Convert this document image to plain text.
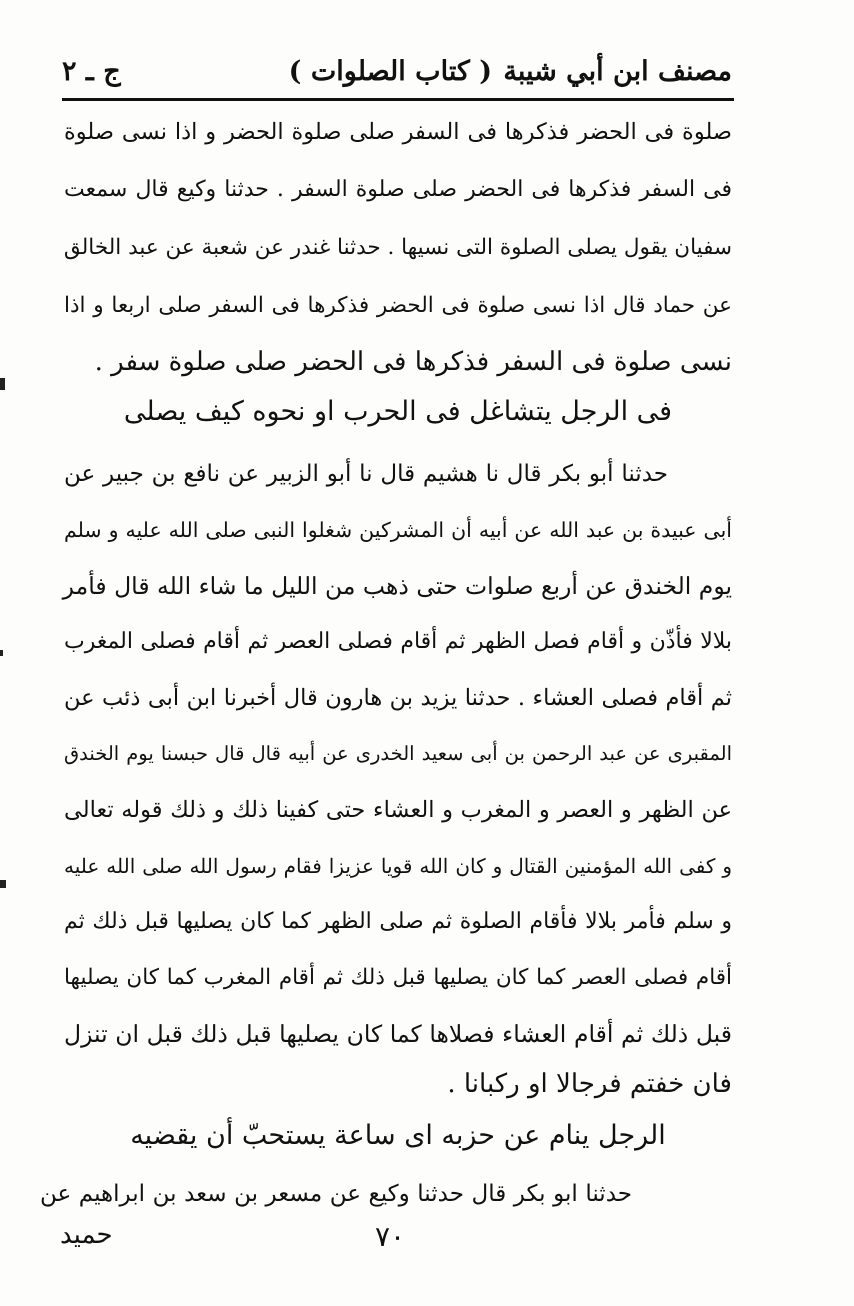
مصنف ابن أبي شيبة
( كتاب الصلوات )
ج ـ ٢
صلوة فى الحضر فذكرها فى السفر صلى صلوة الحضر و اذا نسى صلوة
فى السفر فذكرها فى الحضر صلى صلوة السفر . حدثنا وكيع قال سمعت
سفيان يقول يصلى الصلوة التى نسيها . حدثنا غندر عن شعبة عن عبد الخالق
عن حماد قال اذا نسى صلوة فى الحضر فذكرها فى السفر صلى اربعا و اذا
نسى صلوة فى السفر فذكرها فى الحضر صلى صلوة سفر .
فى الرجل يتشاغل فى الحرب او نحوه كيف يصلى
حدثنا أبو بكر قال نا هشيم قال نا أبو الزبير عن نافع بن جبير عن
أبى عبيدة بن عبد الله عن أبيه أن المشركين شغلوا النبى صلى الله عليه و سلم
يوم الخندق عن أربع صلوات حتى ذهب من الليل ما شاء الله قال فأمر
بلالا فأذّن و أقام فصل الظهر ثم أقام فصلى العصر ثم أقام فصلى المغرب
ثم أقام فصلى العشاء . حدثنا يزيد بن هارون قال أخبرنا ابن أبى ذئب عن
المقبرى عن عبد الرحمن بن أبى سعيد الخدرى عن أبيه قال قال حبسنا يوم الخندق
عن الظهر و العصر و المغرب و العشاء حتى كفينا ذلك و ذلك قوله تعالى
و كفى الله المؤمنين القتال و كان الله قويا عزيزا فقام رسول الله صلى الله عليه
و سلم فأمر بلالا فأقام الصلوة ثم صلى الظهر كما كان يصليها قبل ذلك ثم
أقام فصلى العصر كما كان يصليها قبل ذلك ثم أقام المغرب كما كان يصليها
قبل ذلك ثم أقام العشاء فصلاها كما كان يصليها قبل ذلك قبل ان تنزل
فان خفتم فرجالا او ركبانا .
الرجل ينام عن حزبه اى ساعة يستحبّ أن يقضيه
حدثنا ابو بكر قال حدثنا وكيع عن مسعر بن سعد بن ابراهيم عن
٧٠
حميد
